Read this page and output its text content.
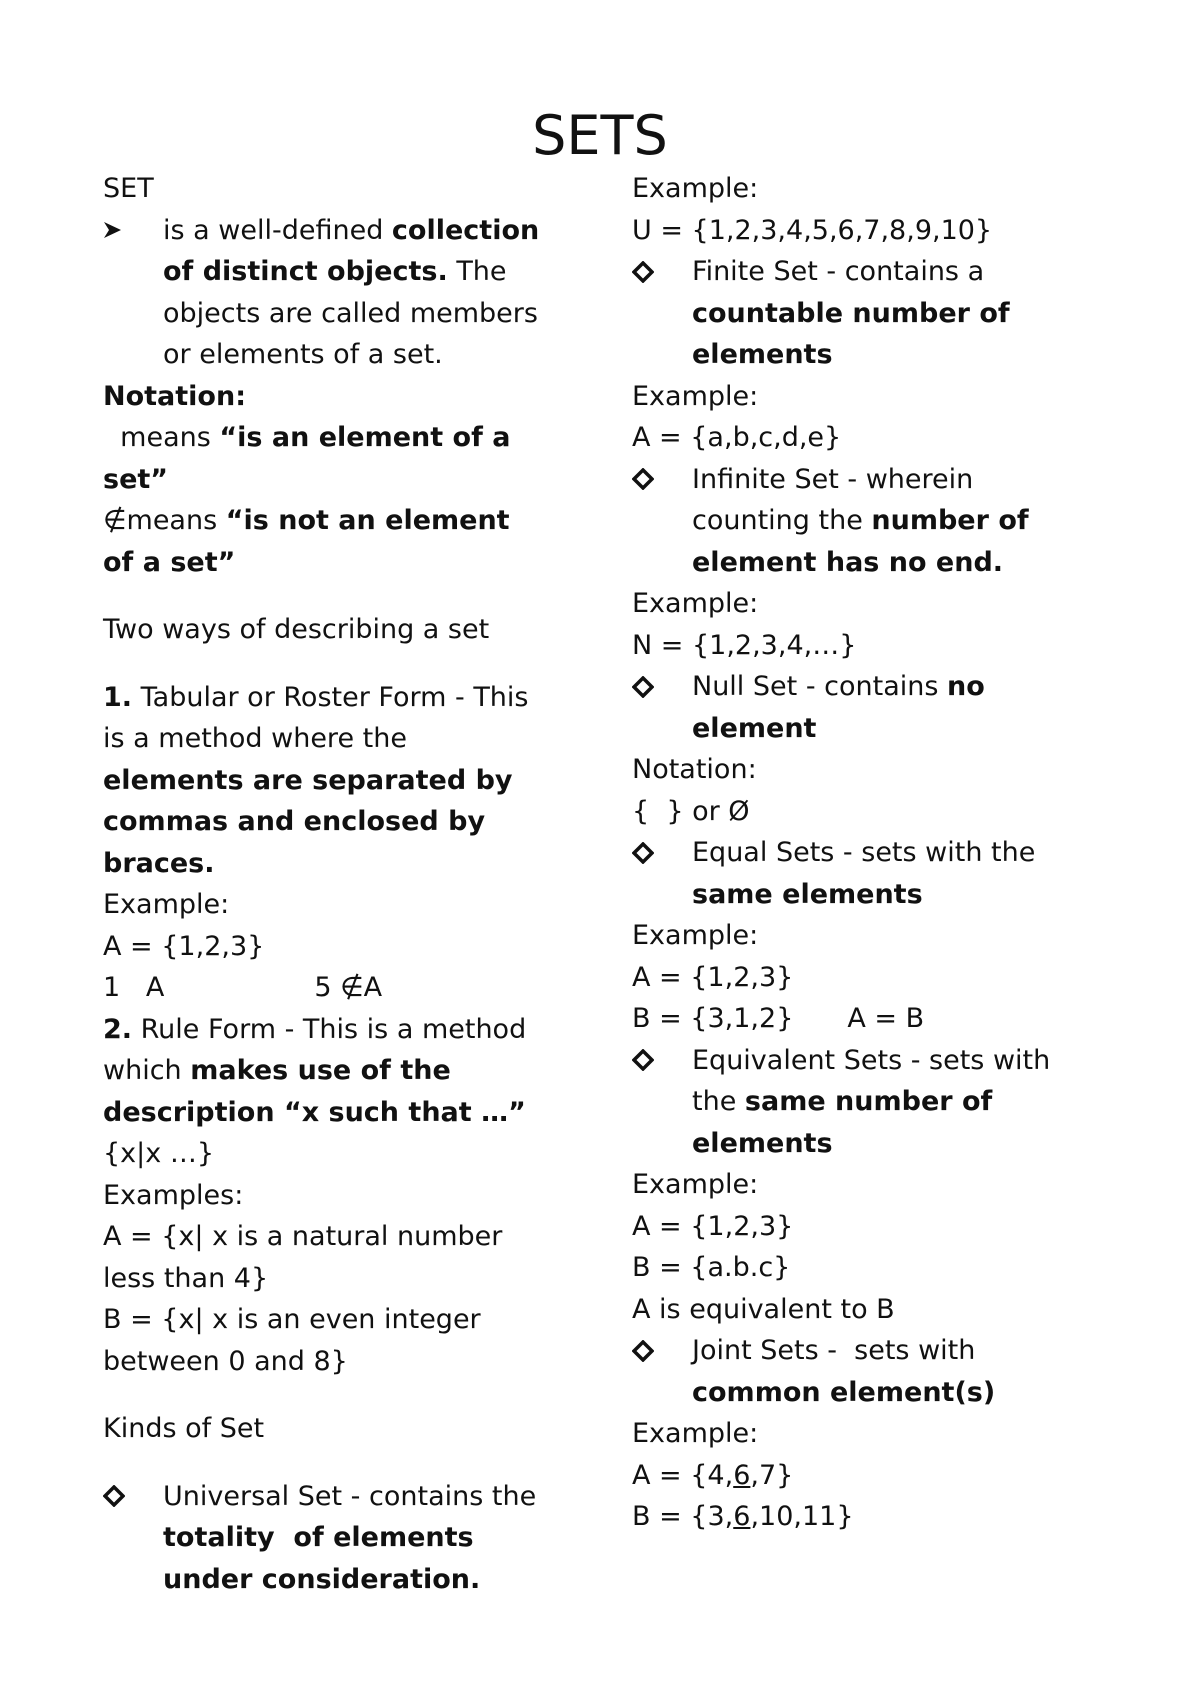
SETS
SET
is a well-defined collection
of distinct objects. The
objects are called members
or elements of a set.
Notation:
means “is an element of a
set”
∉means “is not an element
of a set”
Two ways of describing a set
1. Tabular or Roster Form - This
is a method where the
elements are separated by
commas and enclosed by
braces.
Example:
A = {1,2,3}
1   A	5 ∉A
2. Rule Form - This is a method
which makes use of the
description “x such that …”
{x|x …}
Examples:
A = {x| x is a natural number
less than 4}
B = {x| x is an even integer
between 0 and 8}
Kinds of Set
Universal Set - contains the
totality  of elements
under consideration.
Example:
U = {1,2,3,4,5,6,7,8,9,10}
Finite Set - contains a
countable number of
elements
Example:
A = {a,b,c,d,e}
Infinite Set - wherein
counting the number of
element has no end.
Example:
N = {1,2,3,4,…}
Null Set - contains no
element
Notation:
{  } or Ø
Equal Sets - sets with the
same elements
Example:
A = {1,2,3}
B = {3,1,2} A = B
Equivalent Sets - sets with
the same number of
elements
Example:
A = {1,2,3}
B = {a.b.c}
A is equivalent to B
Joint Sets -  sets with
common element(s)
Example:
A = {4,6,7}
B = {3,6,10,11}
